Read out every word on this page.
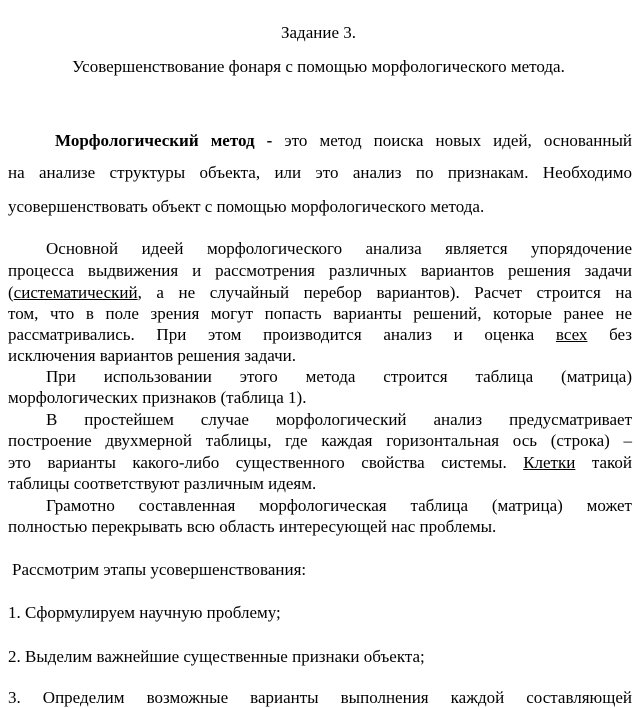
Задание 3.
Усовершенствование фонаря с помощью морфологического метода.
Морфологический метод - это метод поиска новых идей, основанный
на анализе структуры объекта, или это анализ по признакам. Необходимо
усовершенствовать объект с помощью морфологического метода.
Основной идеей морфологического анализа является упорядочение
процесса выдвижения и рассмотрения различных вариантов решения задачи
(систематический, а не случайный перебор вариантов). Расчет строится на
том, что в поле зрения могут попасть варианты решений, которые ранее не
рассматривались. При этом производится анализ и оценка всех без
исключения вариантов решения задачи.
При использовании этого метода строится таблица (матрица)
морфологических признаков (таблица 1).
В простейшем случае морфологический анализ предусматривает
построение двухмерной таблицы, где каждая горизонтальная ось (строка) –
это варианты какого-либо существенного свойства системы. Клетки такой
таблицы соответствуют различным идеям.
Грамотно составленная морфологическая таблица (матрица) может
полностью перекрывать всю область интересующей нас проблемы.
Рассмотрим этапы усовершенствования:
1. Сформулируем научную проблему;
2. Выделим важнейшие существенные признаки объекта;
3. Определим возможные варианты выполнения каждой составляющей
